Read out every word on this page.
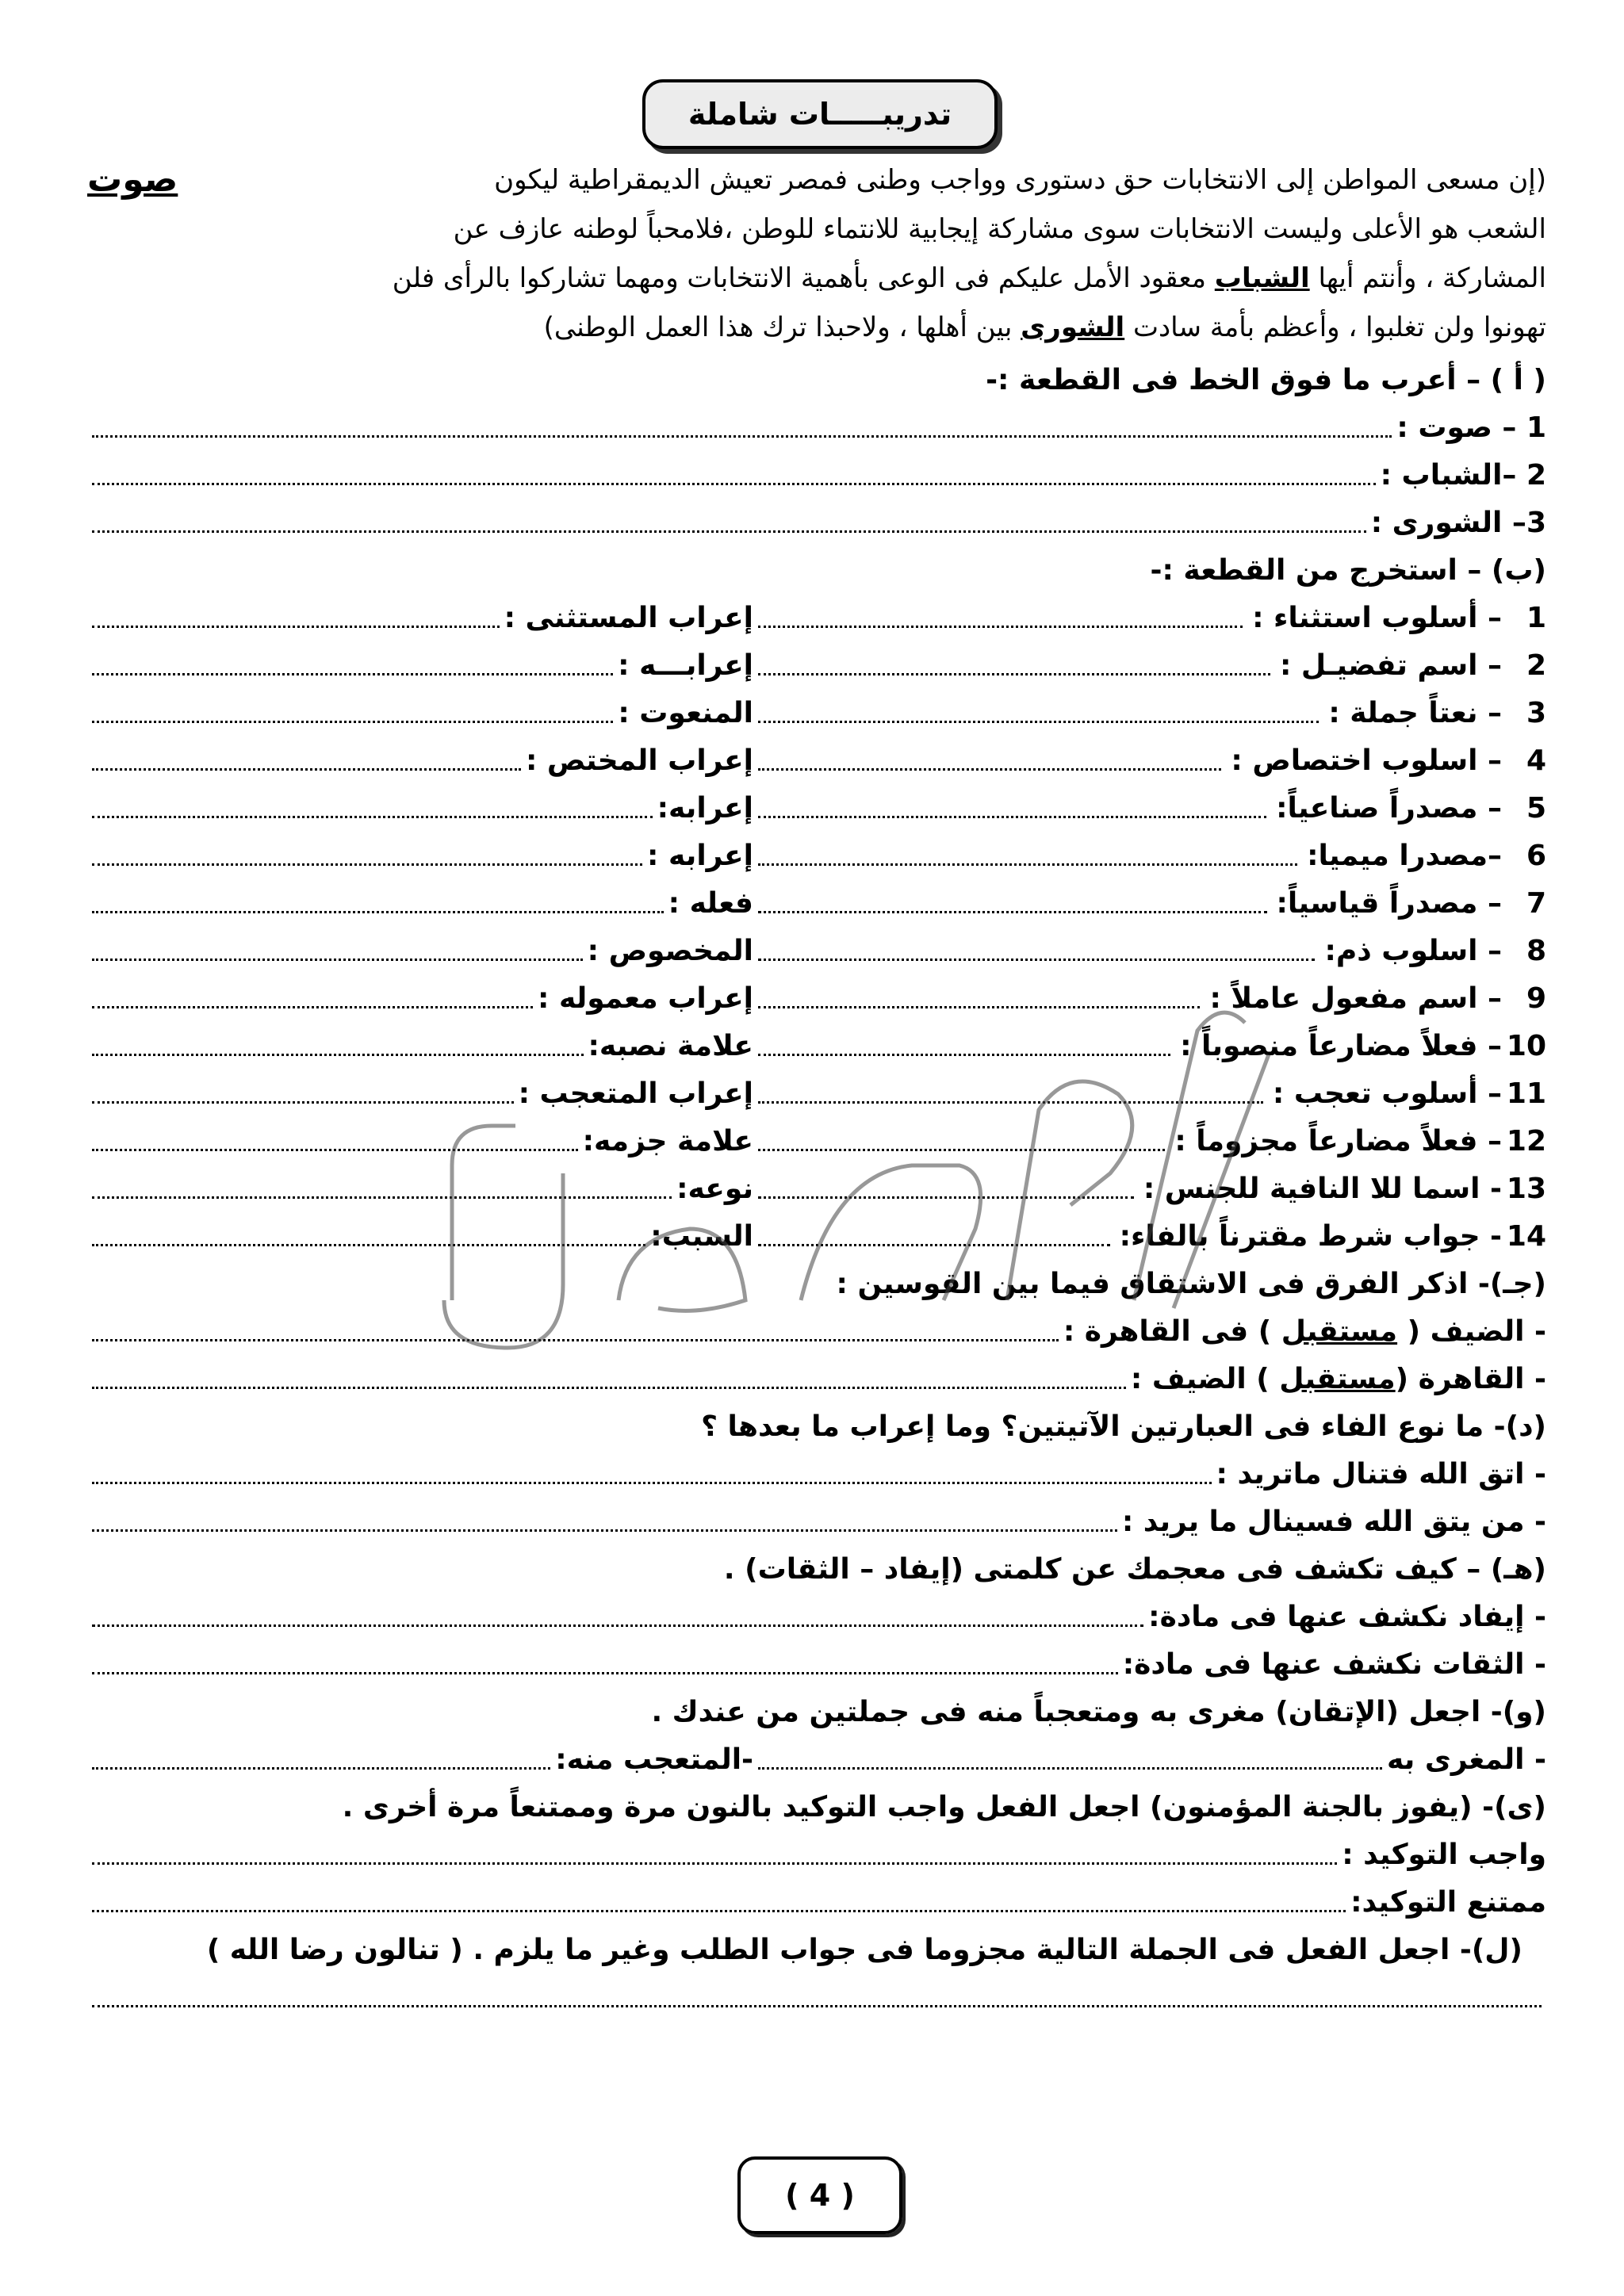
تدريبـــــات شاملة
(إن مسعى المواطن إلى الانتخابات حق دستورى وواجب وطنى فمصر تعيش الديمقراطية ليكون
صوت
الشعب هو الأعلى وليست الانتخابات سوى مشاركة إيجابية للانتماء للوطن ،فلامحباً لوطنه عازف عن
المشاركة ، وأنتم أيها الشباب معقود الأمل عليكم فى الوعى بأهمية الانتخابات ومهما تشاركوا بالرأى فلن
تهونوا ولن تغلبوا ، وأعظم بأمة سادت الشورى بين أهلها ، ولاحبذا ترك هذا العمل الوطنى)
( أ ) – أعرب ما فوق الخط فى القطعة :-
1 – صوت :
2 –الشباب :
3– الشورى :
(ب) – استخرج من القطعة :-
1
– أسلوب استثناء :
إعراب المستثنى :
2
– اسم تفضيـل :
إعرابـــه :
3
– نعتاً جملة :
المنعوت :
4
– اسلوب اختصاص :
إعراب المختص :
5
– مصدراً صناعياً:
إعرابه:
6
–مصدرا ميميا:
إعرابه :
7
– مصدراً قياسياً:
فعله :
8
– اسلوب ذم:
المخصوص :
9
– اسم مفعول عاملاً :
إعراب معموله :
10
– فعلاً مضارعاً منصوباً :
علامة نصبه:
11
– أسلوب تعجب :
إعراب المتعجب :
12
– فعلاً مضارعاً مجزوماً :
علامة جزمه:
13
- اسما للا النافية للجنس :
نوعه:
14
- جواب شرط مقترناً بالفاء:
السبب:
(جـ)- اذكر الفرق فى الاشتقاق فيما بين القوسين :
- الضيف (

مستقبل

) فى القاهرة :
- القاهرة (
مستقبل

) الضيف :
(د)- ما نوع الفاء فى العبارتين الآتيتين؟ وما إعراب ما بعدها ؟
- اتق الله فتنال ماتريد :
- من يتق الله فسينال ما يريد :
(هـ) – كيف تكشف فى معجمك عن كلمتى (إيفاد – الثقات) .
- إيفاد نكشف عنها فى مادة:
- الثقات نكشف عنها فى مادة:
(و)- اجعل (الإتقان) مغرى به ومتعجباً منه فى جملتين من عندك .
- المغرى به
-المتعجب منه:
(ى)- (يفوز بالجنة المؤمنون) اجعل الفعل واجب التوكيد بالنون مرة وممتنعاً مرة أخرى .
واجب التوكيد :
ممتنع التوكيد:
(ل)- اجعل الفعل فى الجملة التالية مجزوما فى جواب الطلب وغير ما يلزم . ( تنالون رضا الله )
( 4 )
